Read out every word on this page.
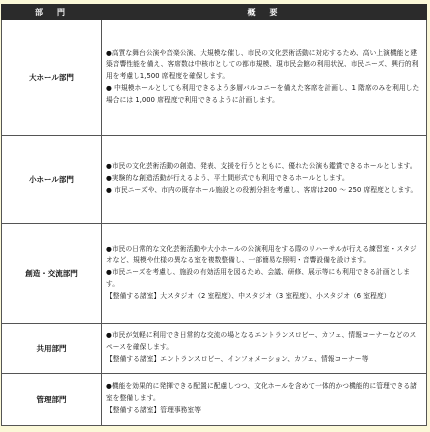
部　門	概　要
大ホール部門	●高質な舞台公演や音楽公演、大規模な催し、市民の文化芸術活動に対応するため、高い上演機能と建築音響性能を備え、客席数は中核市としての都市規模、現市民会館の利用状況、市民ニーズ、興行的利用を考慮し1,500 席程度を確保します。
● 中規模ホールとしても利用できるよう多層バルコニーを備えた客席を計画し、1 階席のみを利用した場合には 1,000 席程度で利用できるように計画します。

小ホール部門	●市民の文化芸術活動の創造、発表、支援を行うとともに、優れた公演も鑑賞できるホールとします。
●実験的な創造活動が行えるよう、平土間形式でも利用できるホールとします。
● 市民ニーズや、市内の既存ホール施設との役割分担を考慮し、客席は200 ～ 250 席程度とします。

創造・交流部門	●市民の日常的な文化芸術活動や大小ホールの公演利用をする際のリハーサルが行える練習室・スタジオなど、規模や仕様の異なる室を複数整備し、一部簡易な照明・音響設備を設けます。
●市民ニーズを考慮し、施設の有効活用を図るため、会議、研修、展示等にも利用できる計画とします。
【整備する諸室】大スタジオ（2 室程度）、中スタジオ（3 室程度）、小スタジオ（6 室程度）

共用部門	●市民が気軽に利用でき日常的な交流の場となるエントランスロビー、カフェ、情報コーナーなどのスペースを確保します。
【整備する諸室】エントランスロビー、インフォメーション、カフェ、情報コーナー等

管理部門	●機能を効果的に発揮できる配置に配慮しつつ、文化ホールを含めて一体的かつ機能的に管理できる諸室を整備します。
【整備する諸室】管理事務室等
